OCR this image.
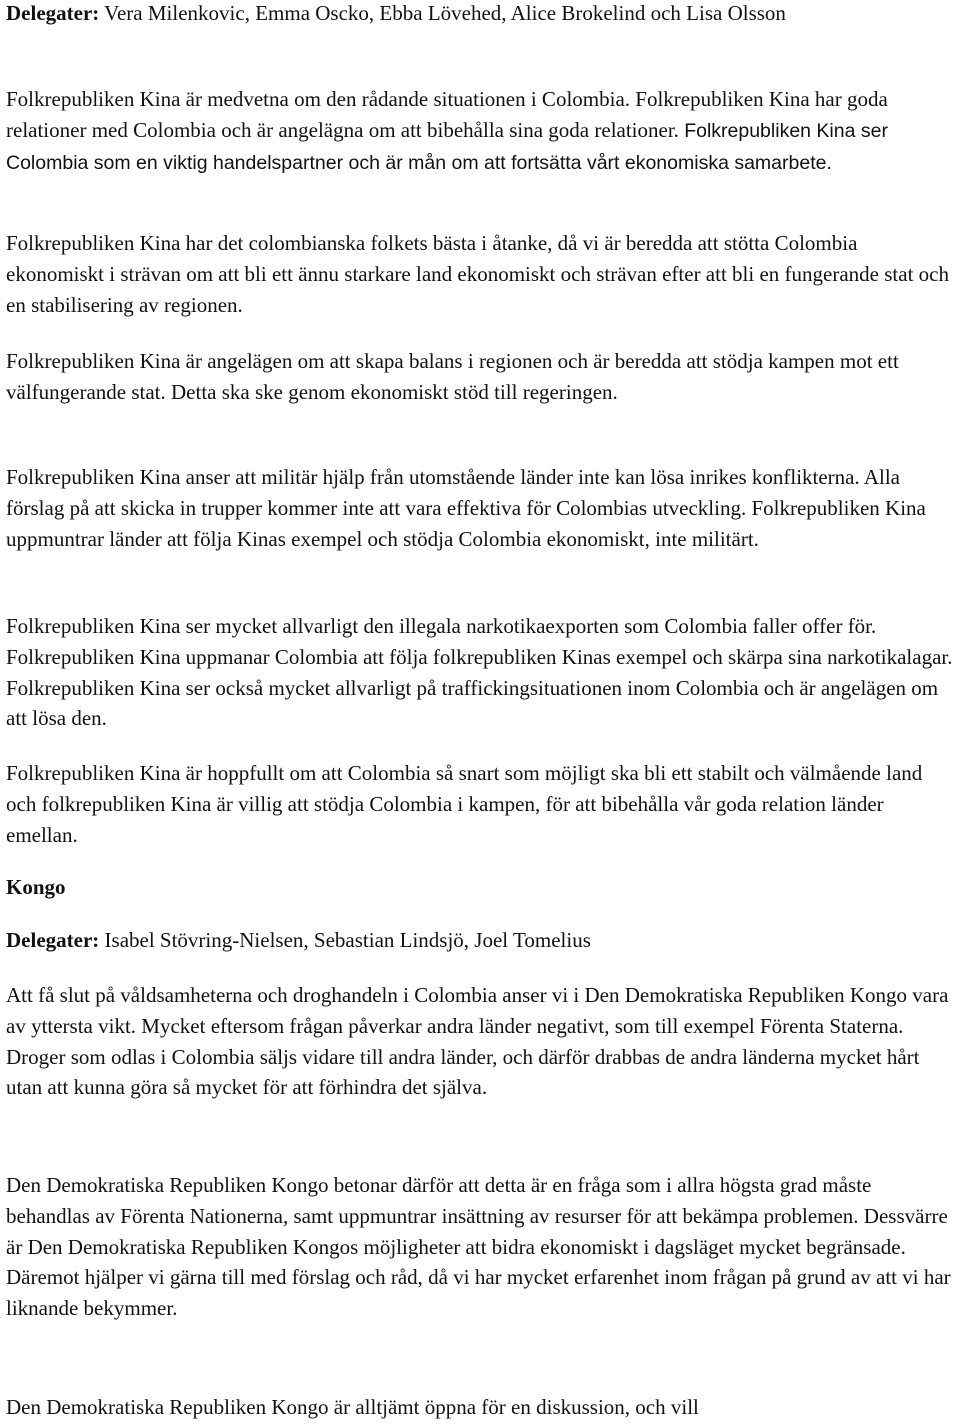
Delegater: Vera Milenkovic, Emma Oscko, Ebba Lövehed, Alice Brokelind och Lisa Olsson

Folkrepubliken Kina är medvetna om den rådande situationen i Colombia. Folkrepubliken Kina har goda relationer med Colombia och är angelägna om att bibehålla sina goda relationer. Folkrepubliken Kina ser Colombia som en viktig handelspartner och är mån om att fortsätta vårt ekonomiska samarbete.

Folkrepubliken Kina har det colombianska folkets bästa i åtanke, då vi är beredda att stötta Colombia ekonomiskt i strävan om att bli ett ännu starkare land ekonomiskt och strävan efter att bli en fungerande stat och en stabilisering av regionen.

Folkrepubliken Kina är angelägen om att skapa balans i regionen och är beredda att stödja kampen mot ett välfungerande stat. Detta ska ske genom ekonomiskt stöd till regeringen.

Folkrepubliken Kina anser att militär hjälp från utomstående länder inte kan lösa inrikes konflikterna. Alla förslag på att skicka in trupper kommer inte att vara effektiva för Colombias utveckling. Folkrepubliken Kina uppmuntrar länder att följa Kinas exempel och stödja Colombia ekonomiskt, inte militärt.

Folkrepubliken Kina ser mycket allvarligt den illegala narkotikaexporten som Colombia faller offer för. Folkrepubliken Kina uppmanar Colombia att följa folkrepubliken Kinas exempel och skärpa sina narkotikalagar. Folkrepubliken Kina ser också mycket allvarligt på traffickingsituationen inom Colombia och är angelägen om att lösa den.

Folkrepubliken Kina är hoppfullt om att Colombia så snart som möjligt ska bli ett stabilt och välmående land och folkrepubliken Kina är villig att stödja Colombia i kampen, för att bibehålla vår goda relation länder emellan.

Kongo

Delegater: Isabel Stövring-Nielsen, Sebastian Lindsjö, Joel Tomelius

Att få slut på våldsamheterna och droghandeln i Colombia anser vi i Den Demokratiska Republiken Kongo vara av yttersta vikt. Mycket eftersom frågan påverkar andra länder negativt, som till exempel Förenta Staterna. Droger som odlas i Colombia säljs vidare till andra länder, och därför drabbas de andra länderna mycket hårt utan att kunna göra så mycket för att förhindra det själva.

Den Demokratiska Republiken Kongo betonar därför att detta är en fråga som i allra högsta grad måste behandlas av Förenta Nationerna, samt uppmuntrar insättning av resurser för att bekämpa problemen. Dessvärre är Den Demokratiska Republiken Kongos möjligheter att bidra ekonomiskt i dagsläget mycket begränsade. Däremot hjälper vi gärna till med förslag och råd, då vi har mycket erfarenhet inom frågan på grund av att vi har liknande bekymmer.

Den Demokratiska Republiken Kongo är alltjämt öppna för en diskussion, och vill
